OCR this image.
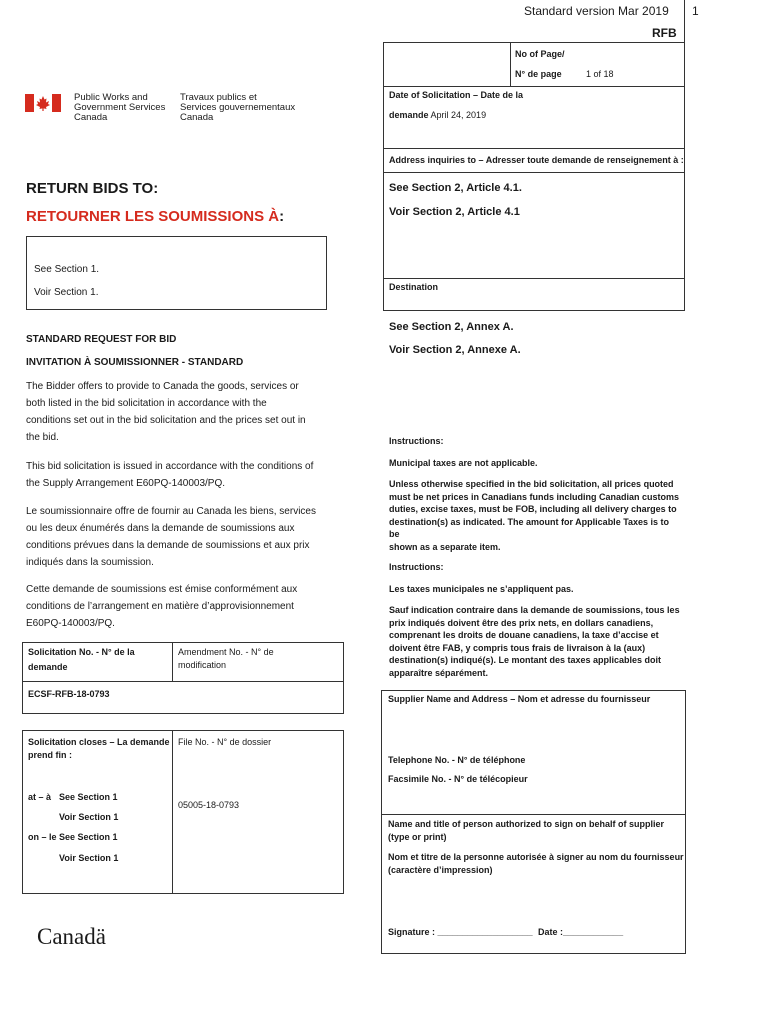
Standard version Mar 2019 1
RFB
No of Page/
N° de page	1 of 18
Public Works and
Government Services
Canada
Travaux publics et
Services gouvernementaux
Canada
Date of Solicitation – Date de la
demande April 24, 2019
Address inquiries to – Adresser toute demande de renseignement à :
See Section 2, Article 4.1.
Voir Section 2, Article 4.1
Destination
See Section 2, Annex A.
Voir Section 2, Annexe A.
Instructions:
Municipal taxes are not applicable.
Unless otherwise specified in the bid solicitation, all prices quoted
must be net prices in Canadians funds including Canadian customs
duties, excise taxes, must be FOB, including all delivery charges to
destination(s) as indicated. The amount for Applicable Taxes is to be
shown as a separate item.
Instructions:
Les taxes municipales ne s’appliquent pas.
Sauf indication contraire dans la demande de soumissions, tous les
prix indiqués doivent être des prix nets, en dollars canadiens,
comprenant les droits de douane canadiens, la taxe d’accise et
doivent être FAB, y compris tous frais de livraison à la (aux)
destination(s) indiqué(s). Le montant des taxes applicables doit
apparaître séparément.
RETURN BIDS TO:
RETOURNER LES SOUMISSIONS À:
See Section 1.
Voir Section 1.
STANDARD REQUEST FOR BID
INVITATION À SOUMISSIONNER - STANDARD
The Bidder offers to provide to Canada the goods, services or
both listed in the bid solicitation in accordance with the
conditions set out in the bid solicitation and the prices set out in
the bid.
This bid solicitation is issued in accordance with the conditions of
the Supply Arrangement E60PQ-140003/PQ.
Le soumissionnaire offre de fournir au Canada les biens, services
ou les deux énumérés dans la demande de soumissions aux
conditions prévues dans la demande de soumissions et aux prix
indiqués dans la soumission.
Cette demande de soumissions est émise conformément aux
conditions de l’arrangement en matière d’approvisionnement
E60PQ-140003/PQ.
Solicitation No. - N° de la
demande
Amendment No. - N° de
modification
ECSF-RFB-18-0793
Solicitation closes – La demande
prend fin :
at – à See Section 1
Voir Section 1
on – le See Section 1
Voir Section 1
File No. - N° de dossier
05005-18-0793
Canadä
Supplier Name and Address – Nom et adresse du fournisseur
Telephone No. - N° de téléphone
Facsimile No. - N° de télécopieur
Name and title of person authorized to sign on behalf of supplier
(type or print)
Nom et titre de la personne autorisée à signer au nom du fournisseur
(caractère d’impression)
Signature : ___________________ Date :____________
